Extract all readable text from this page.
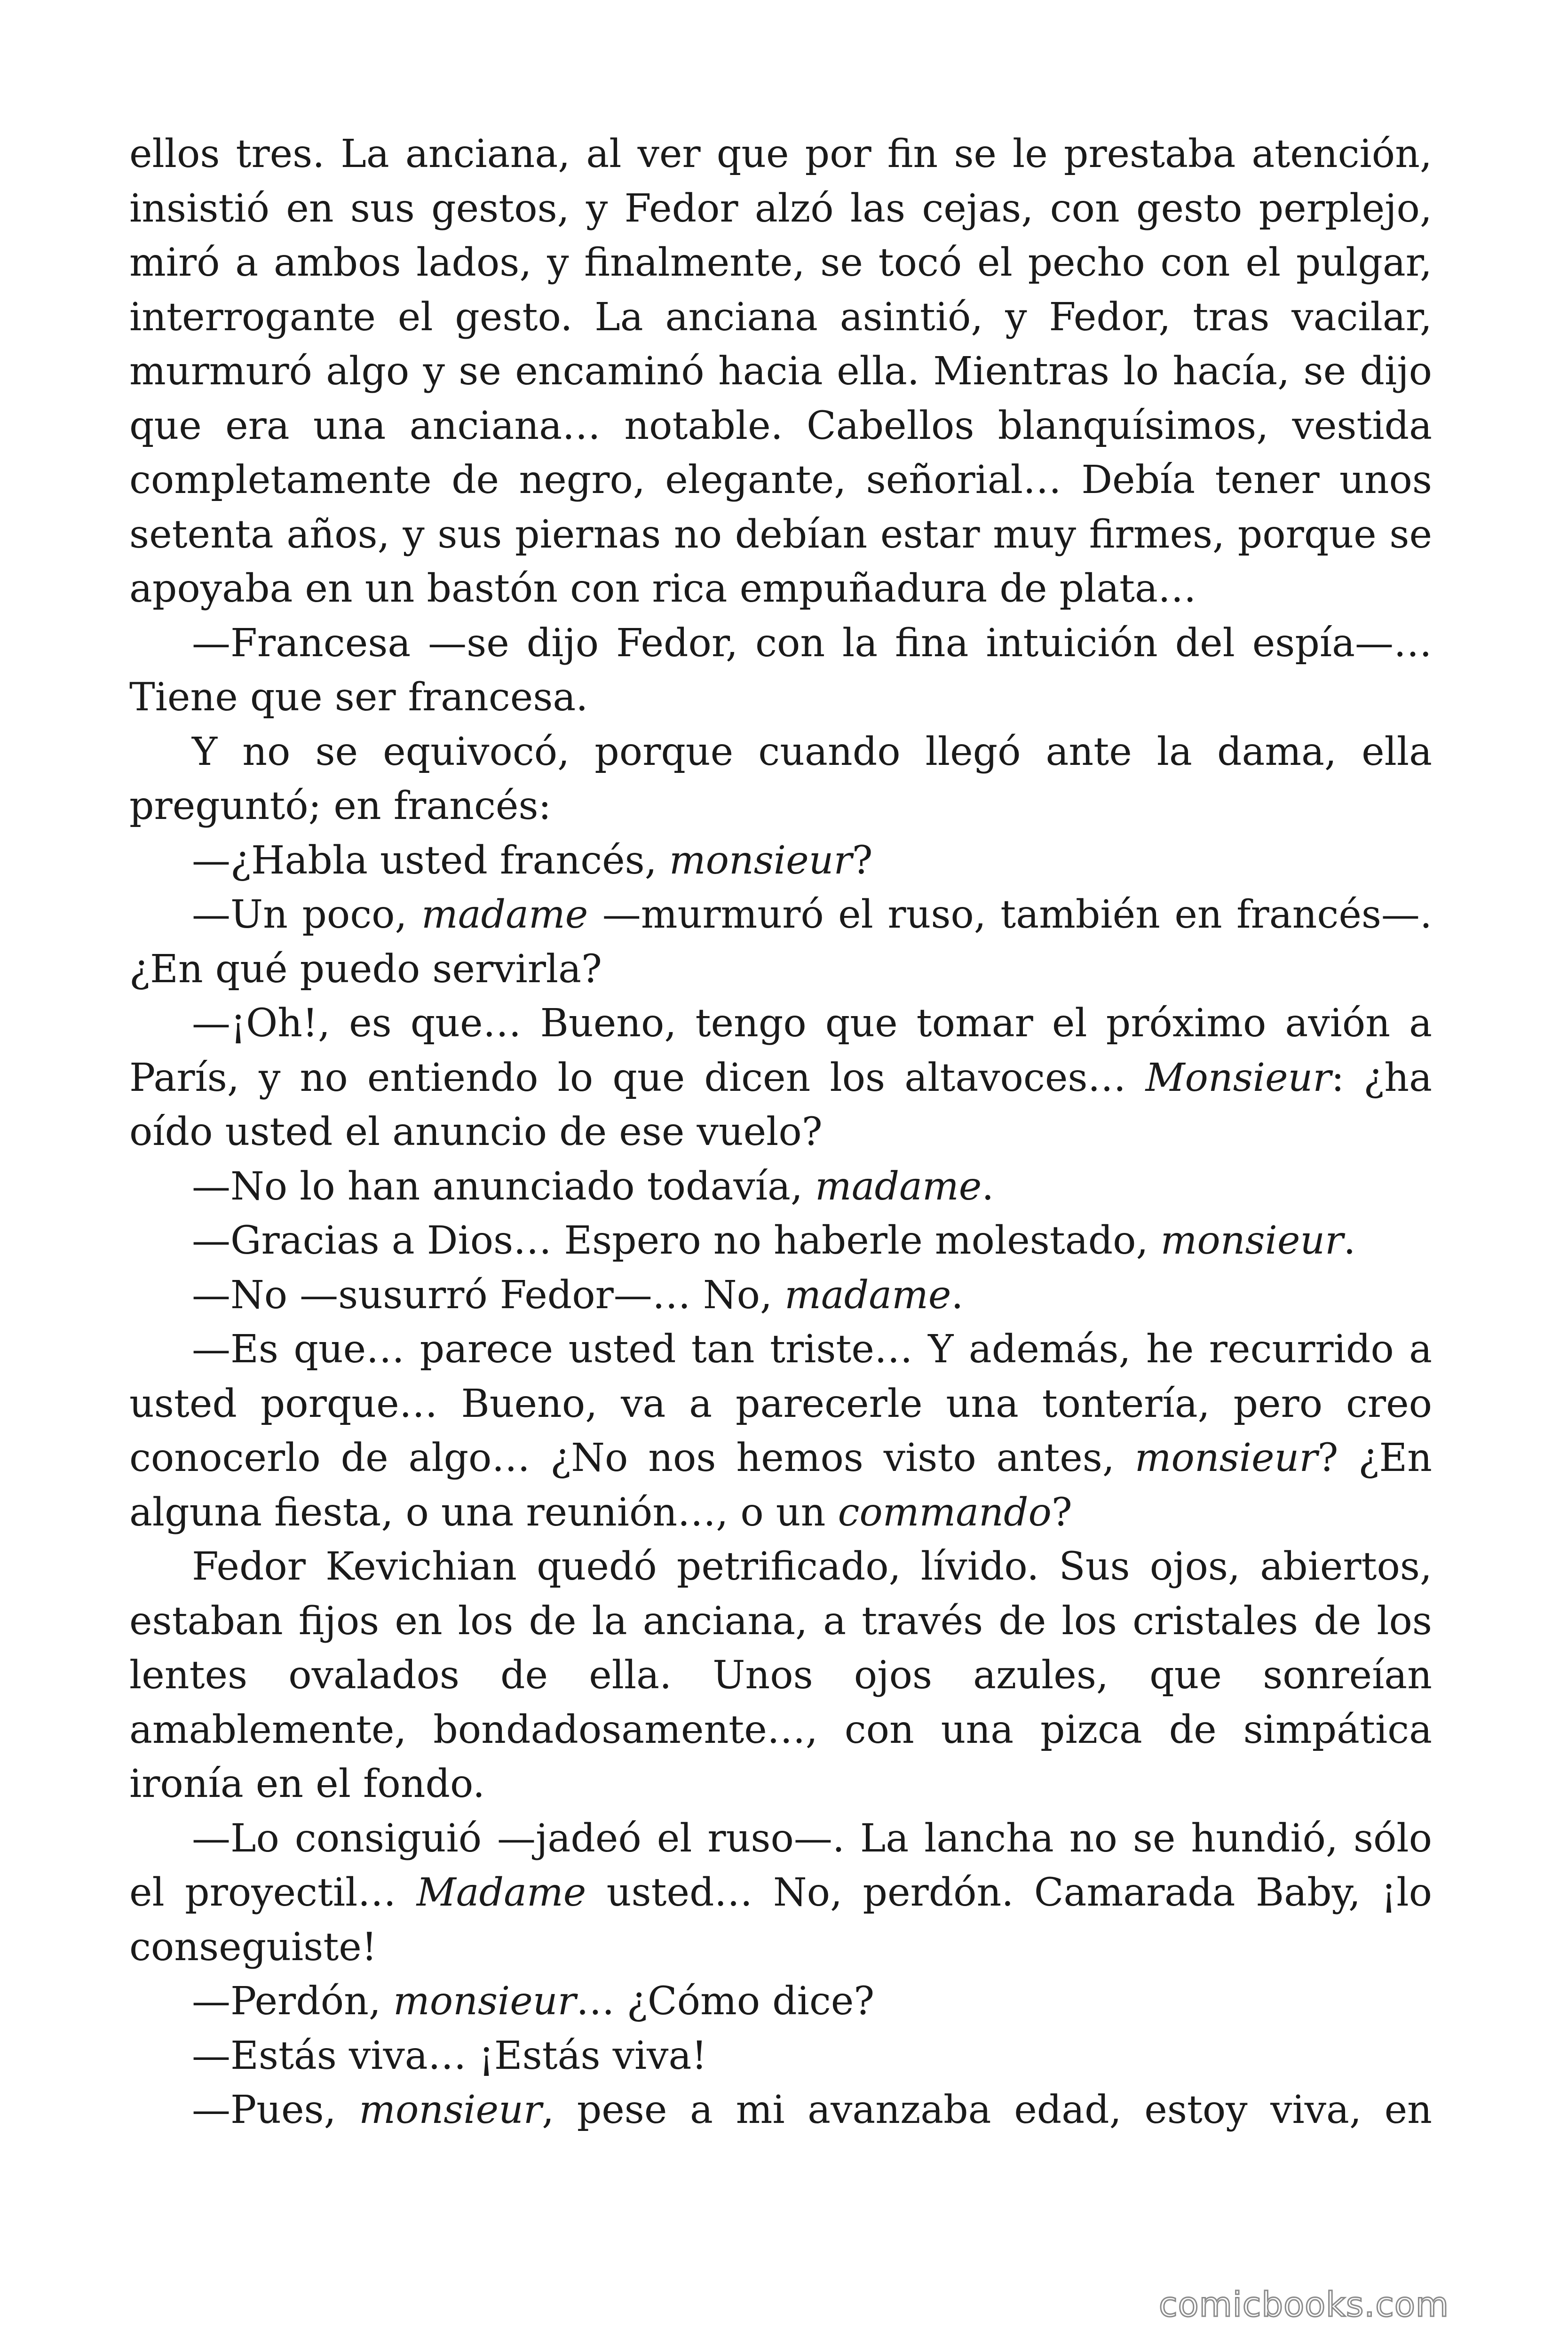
ellos tres. La anciana, al ver que por fin se le prestaba atención, insistió en sus gestos, y Fedor alzó las cejas, con gesto perplejo, miró a ambos lados, y finalmente, se tocó el pecho con el pulgar, interrogante el gesto. La anciana asintió, y Fedor, tras vacilar, murmuró algo y se encaminó hacia ella. Mientras lo hacía, se dijo que era una anciana… notable. Cabellos blanquísimos, vestida completamente de negro, elegante, señorial… Debía tener unos setenta años, y sus piernas no debían estar muy firmes, porque se apoyaba en un bastón con rica empuñadura de plata…

—Francesa —se dijo Fedor, con la fina intuición del espía—… Tiene que ser francesa.

Y no se equivocó, porque cuando llegó ante la dama, ella preguntó; en francés:

—¿Habla usted francés, monsieur?

—Un poco, madame —murmuró el ruso, también en francés—. ¿En qué puedo servirla?

—¡Oh!, es que… Bueno, tengo que tomar el próximo avión a París, y no entiendo lo que dicen los altavoces… Monsieur: ¿ha oído usted el anuncio de ese vuelo?

—No lo han anunciado todavía, madame.

—Gracias a Dios… Espero no haberle molestado, monsieur.

—No —susurró Fedor—… No, madame.

—Es que… parece usted tan triste… Y además, he recurrido a usted porque… Bueno, va a parecerle una tontería, pero creo conocerlo de algo… ¿No nos hemos visto antes, monsieur? ¿En alguna fiesta, o una reunión…, o un commando?

Fedor Kevichian quedó petrificado, lívido. Sus ojos, abiertos, estaban fijos en los de la anciana, a través de los cristales de los lentes ovalados de ella. Unos ojos azules, que sonreían amablemente, bondadosamente…, con una pizca de simpática ironía en el fondo.

—Lo consiguió —jadeó el ruso—. La lancha no se hundió, sólo el proyectil… Madame usted… No, perdón. Camarada Baby, ¡lo conseguiste!

—Perdón, monsieur… ¿Cómo dice?

—Estás viva… ¡Estás viva!

—Pues, monsieur, pese a mi avanzaba edad, estoy viva, en

comicbooks.com
